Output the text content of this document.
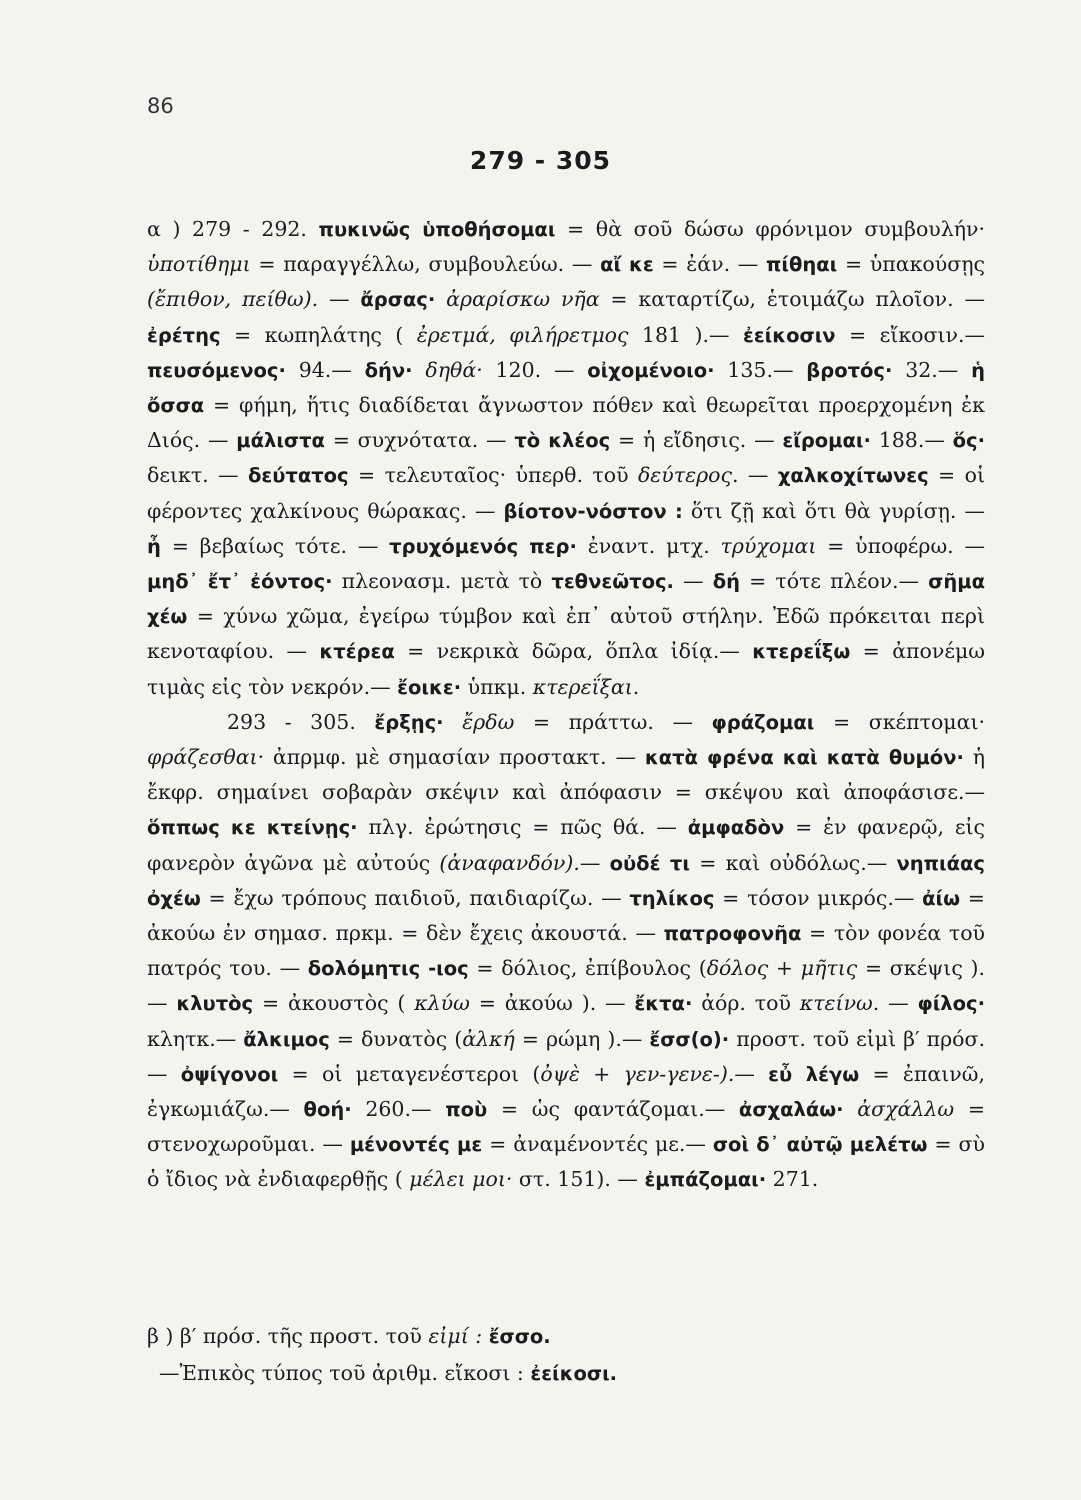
86
279 - 305

α ) 279 - 292. πυκινῶς ὑποθήσομαι = θὰ σοῦ δώσω φρόνιμον συμβουλήν· ὑποτίθημι = παραγγέλλω, συμβουλεύω. — αἴ κε = ἐάν. — πίθηαι = ὑπακούσῃς (ἔπιθον, πείθω). — ἄρσας· ἀραρίσκω νῆα = καταρτίζω, ἑτοιμάζω πλοῖον. — ἐρέτης = κωπηλάτης ( ἐρετμά, φιλήρετμος 181 ).— ἐείκοσιν = εἴκοσιν.— πευσόμενος· 94.— δήν· δηθά· 120. — οἰχομένοιο· 135.— βροτός· 32.— ἡ ὄσσα = φήμη, ἥτις διαδίδεται ἄγνωστον πόθεν καὶ θεωρεῖται προερχομένη ἐκ Διός. — μάλιστα = συχνότατα. — τὸ κλέος = ἡ εἴδησις. — εἴρομαι· 188.— ὅς· δεικτ. — δεύτατος = τελευταῖος· ὑπερθ. τοῦ δεύτερος. — χαλκοχίτωνες = οἱ φέροντες χαλκίνους θώρακας. — βίοτον-νόστον : ὅτι ζῇ καὶ ὅτι θὰ γυρίσῃ. — ἦ = βεβαίως τότε. — τρυχόμενός περ· ἐναντ. μτχ. τρύχομαι = ὑποφέρω. — μηδ᾽ ἔτ᾽ ἐόντος· πλεονασμ. μετὰ τὸ τεθνεῶτος. — δή = τότε πλέον.— σῆμα χέω = χύνω χῶμα, ἐγείρω τύμβον καὶ ἐπ᾽ αὐτοῦ στήλην. Ἐδῶ πρόκειται περὶ κενοταφίου. — κτέρεα = νεκρικὰ δῶρα, ὅπλα ἰδίᾳ.— κτερεΐξω = ἀπονέμω τιμὰς εἰς τὸν νεκρόν.— ἔοικε· ὑπκμ. κτερεΐξαι.

293 - 305. ἔρξῃς· ἔρδω = πράττω. — φράζομαι = σκέπτομαι· φράζεσθαι· ἀπρμφ. μὲ σημασίαν προστακτ. — κατὰ φρένα καὶ κατὰ θυμόν· ἡ ἔκφρ. σημαίνει σοβαρὰν σκέψιν καὶ ἀπόφασιν = σκέψου καὶ ἀποφάσισε.— ὅππως κε κτείνῃς· πλγ. ἐρώτησις = πῶς θά. — ἀμφαδὸν = ἐν φανερῷ, εἰς φανερὸν ἀγῶνα μὲ αὐτούς (ἀναφανδόν).— οὐδέ τι = καὶ οὐδόλως.— νηπιάας ὀχέω = ἔχω τρόπους παιδιοῦ, παιδιαρίζω. — τηλίκος = τόσον μικρός.— ἀίω = ἀκούω ἐν σημασ. πρκμ. = δὲν ἔχεις ἀκουστά. — πατροφονῆα = τὸν φονέα τοῦ πατρός του. — δολόμητις -ιος = δόλιος, ἐπίβουλος (δόλος + μῆτις = σκέψις ).— κλυτὸς = ἀκουστὸς ( κλύω = ἀκούω ). — ἔκτα· ἀόρ. τοῦ κτείνω. — φίλος· κλητκ.— ἄλκιμος = δυνατὸς (ἀλκή = ρώμη ).— ἔσσ(ο)· προστ. τοῦ εἰμὶ β′ πρόσ.— ὀψίγονοι = οἱ μεταγενέστεροι (ὀψὲ + γεν-γενε-).— εὖ λέγω = ἐπαινῶ, ἐγκωμιάζω.— θοή· 260.— ποὺ = ὡς φαντάζομαι.— ἀσχαλάω· ἀσχάλλω = στενοχωροῦμαι. — μένοντές με = ἀναμένοντές με.— σοὶ δ᾽ αὐτῷ μελέτω = σὺ ὁ ἴδιος νὰ ἐνδιαφερθῇς ( μέλει μοι· στ. 151). — ἐμπάζομαι· 271.

β ) β′ πρόσ. τῆς προστ. τοῦ εἰμί : ἔσσο.

—Ἐπικὸς τύπος τοῦ ἀριθμ. εἴκοσι : ἐείκοσι.
